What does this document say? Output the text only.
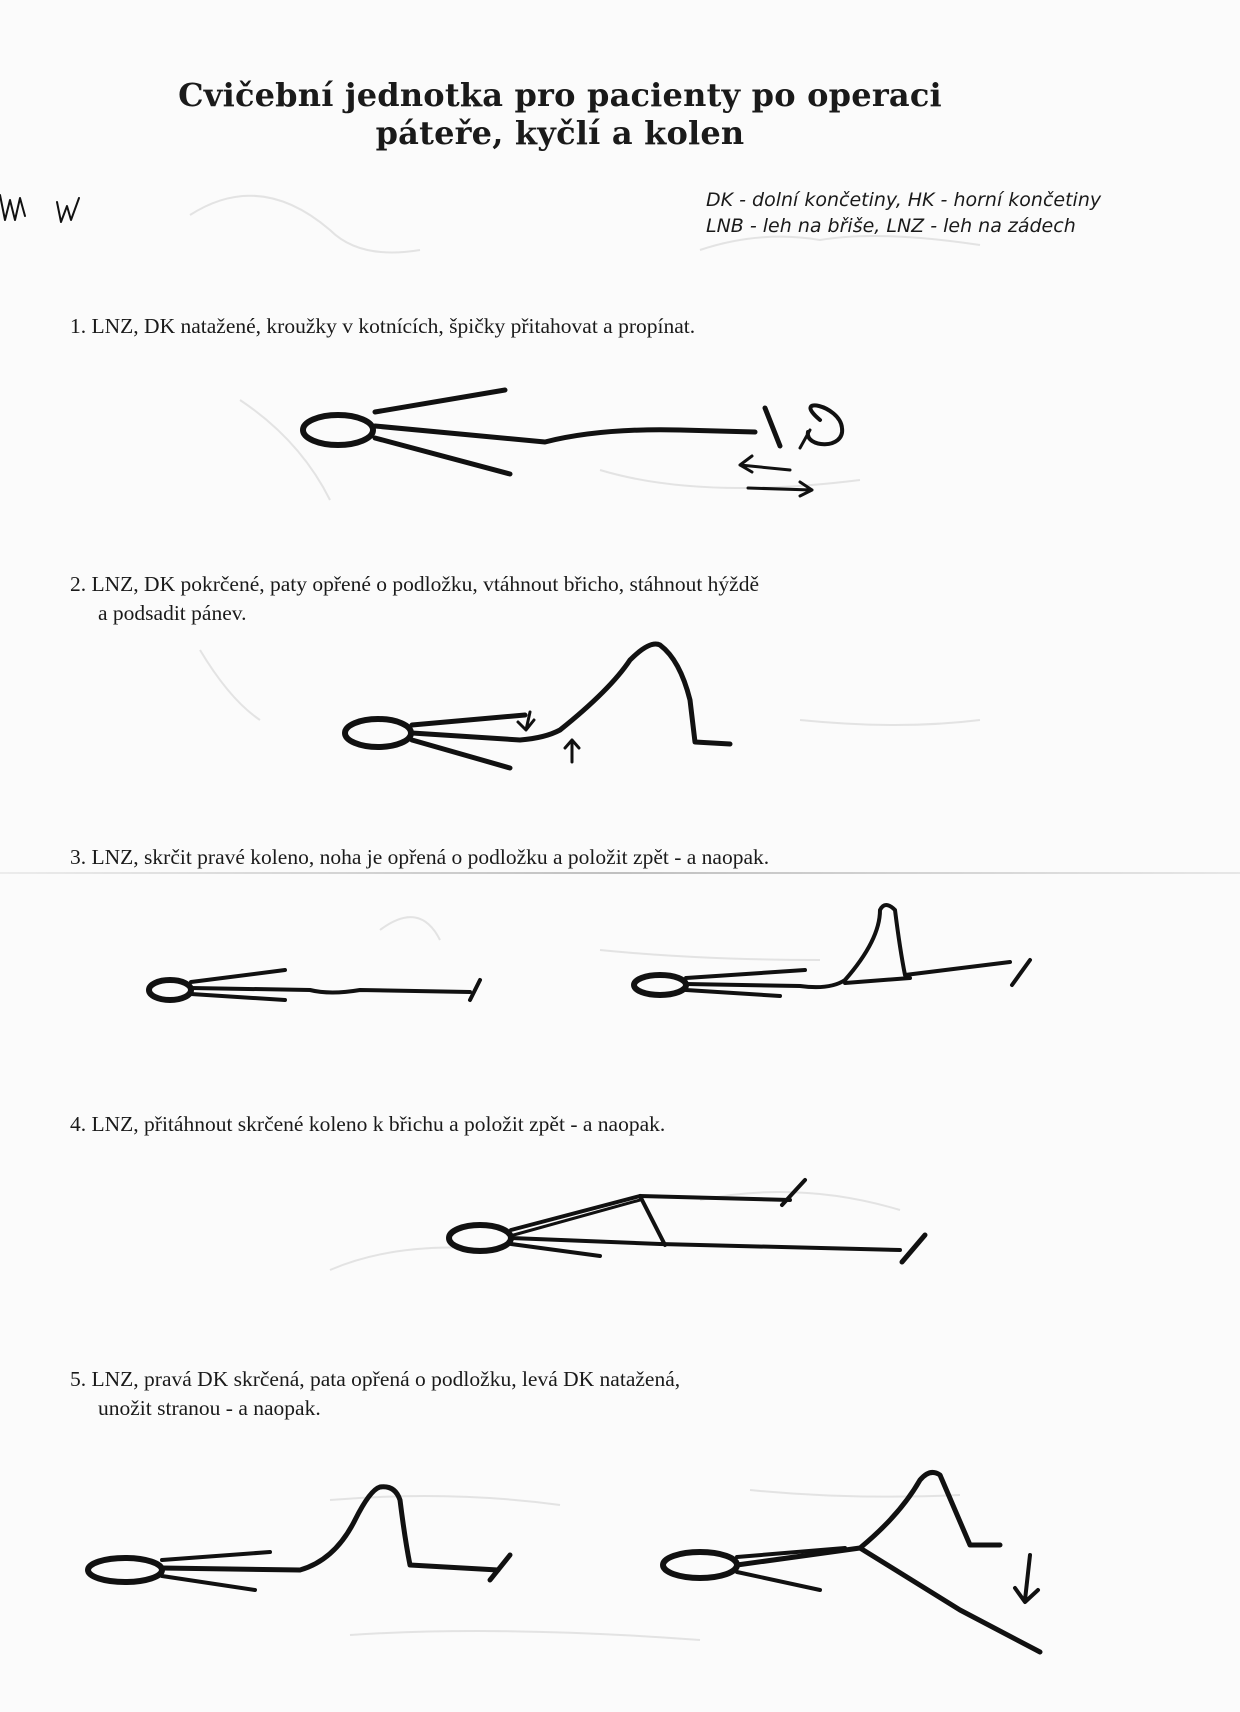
Cvičební jednotka pro pacienty po operaci
páteře, kyčlí a kolen
DK - dolní končetiny, HK - horní končetiny
LNB - leh na břiše, LNZ - leh na zádech
1. LNZ, DK natažené, kroužky v kotnících, špičky přitahovat a propínat.
2. LNZ, DK pokrčené, paty opřené o podložku, vtáhnout břicho, stáhnout hýždě
a podsadit pánev.
3. LNZ, skrčit pravé koleno, noha je opřená o podložku a položit zpět - a naopak.
4. LNZ, přitáhnout skrčené koleno k břichu a položit zpět - a naopak.
5. LNZ, pravá DK skrčená, pata opřená o podložku, levá DK natažená,
unožit stranou - a naopak.
